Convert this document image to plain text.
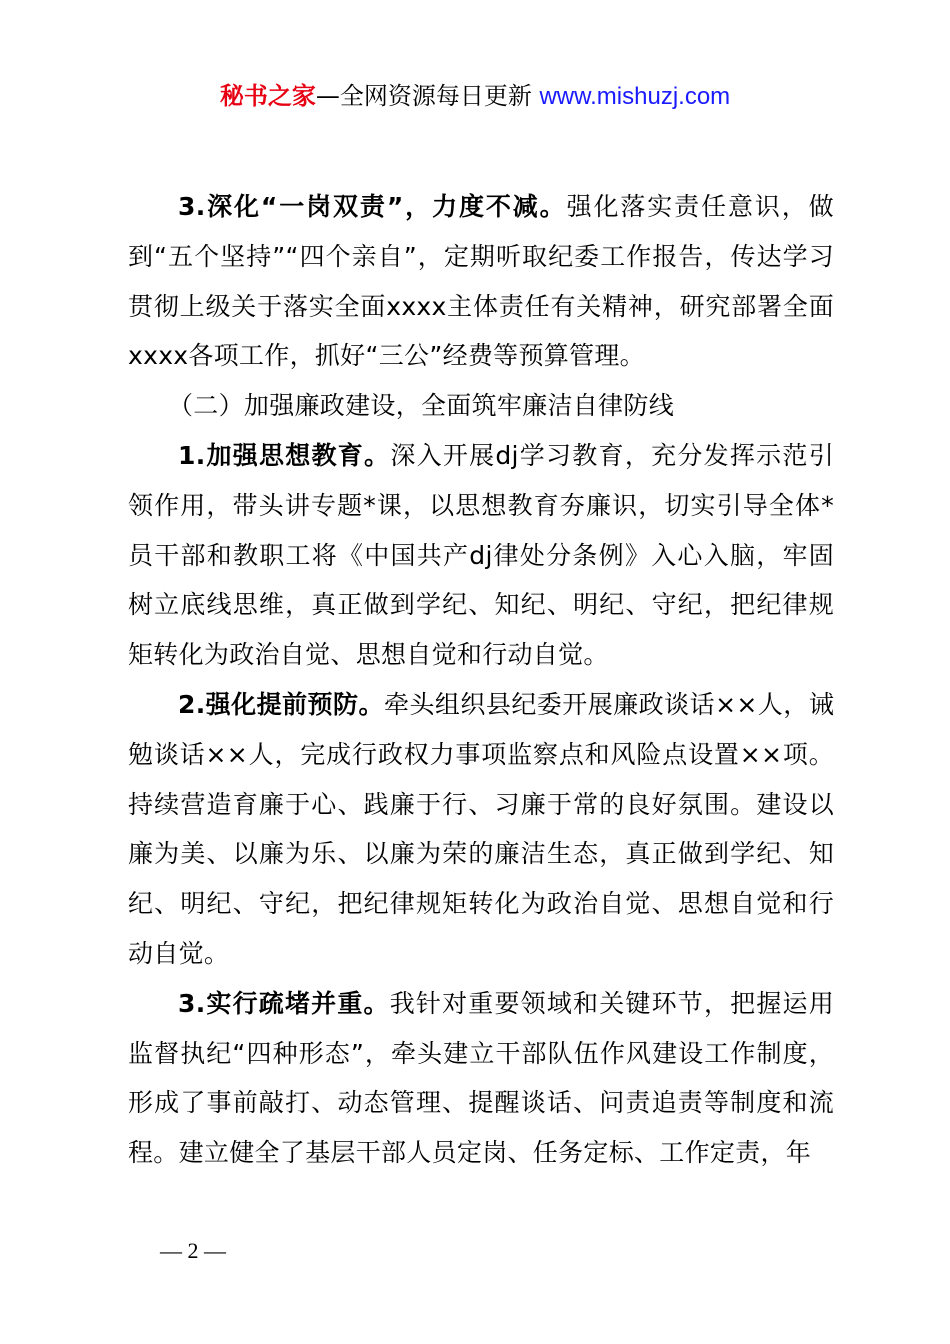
秘书之家—全网资源每日更新 www.mishuzj.com

3.深化“一岗双责”，力度不减。强化落实责任意识，做到“五个坚持”“四个亲自”，定期听取纪委工作报告，传达学习贯彻上级关于落实全面xxxx主体责任有关精神，研究部署全面xxxx各项工作，抓好“三公”经费等预算管理。

（二）加强廉政建设，全面筑牢廉洁自律防线

1.加强思想教育。深入开展dj学习教育，充分发挥示范引领作用，带头讲专题*课，以思想教育夯廉识，切实引导全体*员干部和教职工将《中国共产dj律处分条例》入心入脑，牢固树立底线思维，真正做到学纪、知纪、明纪、守纪，把纪律规矩转化为政治自觉、思想自觉和行动自觉。

2.强化提前预防。牵头组织县纪委开展廉政谈话××人，诫勉谈话××人，完成行政权力事项监察点和风险点设置××项。持续营造育廉于心、践廉于行、习廉于常的良好氛围。建设以廉为美、以廉为乐、以廉为荣的廉洁生态，真正做到学纪、知纪、明纪、守纪，把纪律规矩转化为政治自觉、思想自觉和行动自觉。

3.实行疏堵并重。我针对重要领域和关键环节，把握运用监督执纪“四种形态”，牵头建立干部队伍作风建设工作制度，形成了事前敲打、动态管理、提醒谈话、问责追责等制度和流程。建立健全了基层干部人员定岗、任务定标、工作定责，年

— 2 —
